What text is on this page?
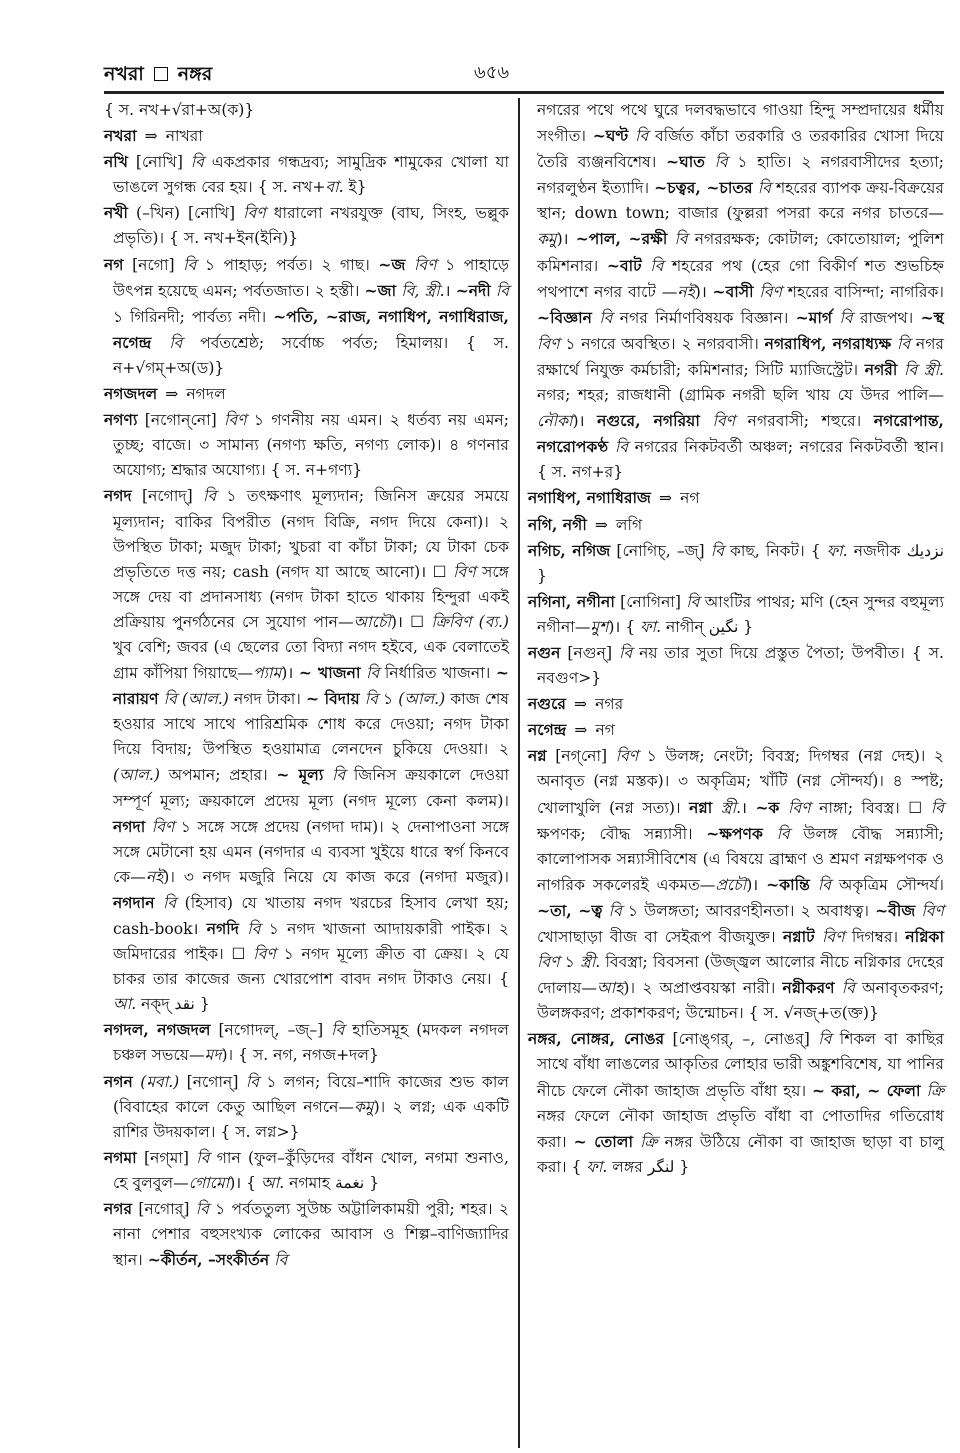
নখরা নঙ্গর	৬৫৬

{ স. নখ+√রা+অ(ক)}

নখরা ⇒ নাখরা

নখি [নোখি] বি একপ্রকার গন্ধদ্রব্য; সামুদ্রিক শামুকের খোলা যা ভাঙলে সুগন্ধ বের হয়। { স. নখ+বা. ই}

নখী (–খিন) [নোখি] বিণ ধারালো নখরযুক্ত (বাঘ, সিংহ, ভল্লুক প্রভৃতি)। { স. নখ+ইন(ইনি)}

নগ [নগো] বি ১ পাহাড়; পর্বত। ২ গাছ। ~জ বিণ ১ পাহাড়ে উৎপন্ন হয়েছে এমন; পর্বতজাত। ২ হস্তী। ~জা বি, স্ত্রী.। ~নদী বি ১ গিরিনদী; পার্বত্য নদী। ~পতি, ~রাজ, নগাধিপ, নগাধিরাজ, নগেন্দ্র বি পর্বতশ্রেষ্ঠ; সর্বোচ্চ পর্বত; হিমালয়। { স. ন+√গম্+অ(ড)}

নগজদল ⇒ নগদল

নগণ্য [নগোন্‌নো] বিণ ১ গণনীয় নয় এমন। ২ ধর্তব্য নয় এমন; তুচ্ছ; বাজে। ৩ সামান্য (নগণ্য ক্ষতি, নগণ্য লোক)। ৪ গণনার অযোগ্য; শ্রদ্ধার অযোগ্য। { স. ন+গণ্য}

নগদ [নগোদ্] বি ১ তৎক্ষণাৎ মূল্যদান; জিনিস ক্রয়ের সময়ে মূল্যদান; বাকির বিপরীত (নগদ বিক্রি, নগদ দিয়ে কেনা)। ২ উপস্থিত টাকা; মজুদ টাকা; খুচরা বা কাঁচা টাকা; যে টাকা চেক প্রভৃতিতে দত্ত নয়; cash (নগদ যা আছে আনো)। ☐ বিণ সঙ্গে সঙ্গে দেয় বা প্রদানসাধ্য (নগদ টাকা হাতে থাকায় হিন্দুরা একই প্রক্রিয়ায় পুনর্গঠনের সে সুযোগ পান—আচৌ)। ☐ ক্রিবিণ (ব্য.) খুব বেশি; জবর (এ ছেলের তো বিদ্যা নগদ হইবে, এক বেলাতেই গ্রাম কাঁপিয়া গিয়াছে—প্যাম)। ~ খাজনা বি নির্ধারিত খাজনা। ~ নারায়ণ বি (আল.) নগদ টাকা। ~ বিদায় বি ১ (আল.) কাজ শেষ হওয়ার সাথে সাথে পারিশ্রমিক শোধ করে দেওয়া; নগদ টাকা দিয়ে বিদায়; উপস্থিত হওয়ামাত্র লেনদেন চুকিয়ে দেওয়া। ২ (আল.) অপমান; প্রহার। ~ মূল্য বি জিনিস ক্রয়কালে দেওয়া সম্পূর্ণ মূল্য; ক্রয়কালে প্রদেয় মূল্য (নগদ মূল্যে কেনা কলম)। নগদা বিণ ১ সঙ্গে সঙ্গে প্রদেয় (নগদা দাম)। ২ দেনাপাওনা সঙ্গে সঙ্গে মেটানো হয় এমন (নগদার এ ব্যবসা খুইয়ে ধারে স্বর্গ কিনবে কে—নই)। ৩ নগদ মজুরি নিয়ে যে কাজ করে (নগদা মজুর)। নগদান বি (হিসাব) যে খাতায় নগদ খরচের হিসাব লেখা হয়; cash-book। নগদি বি ১ নগদ খাজনা আদায়কারী পাইক। ২ জমিদারের পাইক। ☐ বিণ ১ নগদ মূল্যে ক্রীত বা ক্রেয়। ২ যে চাকর তার কাজের জন্য খোরপোশ বাবদ নগদ টাকাও নেয়। { আ. নক্‌দ্ نقد }

নগদল, নগজদল [নগোদল্, –জ্–] বি হাতিসমূহ (মদকল নগদল চঞ্চল সভয়ে—মদ)। { স. নগ, নগজ+দল}

নগন (মবা.) [নগোন্] বি ১ লগন; বিয়ে–শাদি কাজের শুভ কাল (বিবাহের কালে কেতু আছিল নগনে—কমু)। ২ লগ্ন; এক একটি রাশির উদয়কাল। { স. লগ্ন>}

নগমা [নগ্‌মা] বি গান (ফুল–কুঁড়িদের বাঁধন খোল, নগমা শুনাও, হে বুলবুল—গোমো)। { আ. নগমাহ نغمة }

নগর [নগোর্] বি ১ পর্বততুল্য সুউচ্চ অট্টালিকাময়ী পুরী; শহর। ২ নানা পেশার বহুসংখ্যক লোকের আবাস ও শিল্প–বাণিজ্যাদির স্থান। ~কীর্তন, –সংকীর্তন বি

নগরের পথে পথে ঘুরে দলবদ্ধভাবে গাওয়া হিন্দু সম্প্রদায়ের ধর্মীয় সংগীত। ~ঘণ্ট বি বর্জিত কাঁচা তরকারি ও তরকারির খোসা দিয়ে তৈরি ব্যঞ্জনবিশেষ। ~ঘাত বি ১ হাতি। ২ নগরবাসীদের হত্যা; নগরলুণ্ঠন ইত্যাদি। ~চত্বর, ~চাতর বি শহরের ব্যাপক ক্রয়-বিক্রয়ের স্থান; down town; বাজার (ফুল্লরা পসরা করে নগর চাতরে—কমু)। ~পাল, ~রক্ষী বি নগররক্ষক; কোটাল; কোতোয়াল; পুলিশ কমিশনার। ~বাট বি শহরের পথ (হের গো বিকীর্ণ শত শুভচিহ্ন পথপাশে নগর বাটে —নই)। ~বাসী বিণ শহরের বাসিন্দা; নাগরিক। ~বিজ্ঞান বি নগর নির্মাণবিষয়ক বিজ্ঞান। ~মার্গ বি রাজপথ। ~স্থ বিণ ১ নগরে অবস্থিত। ২ নগরবাসী। নগরাধিপ, নগরাধ্যক্ষ বি নগর রক্ষার্থে নিযুক্ত কর্মচারী; কমিশনার; সিটি ম্যাজিস্ট্রেট। নগরী বি স্ত্রী. নগর; শহর; রাজধানী (গ্রামিক নগরী ছলি খায় যে উদর পালি—নৌকা)। নগুরে, নগরিয়া বিণ নগরবাসী; শহুরে। নগরোপান্ত, নগরোপকণ্ঠ বি নগরের নিকটবর্তী অঞ্চল; নগরের নিকটবর্তী স্থান। { স. নগ+র}

নগাধিপ, নগাধিরাজ ⇒ নগ

নগি, নগী ⇒ লগি

নগিচ, নগিজ [নোগিচ্, –জ্] বি কাছ, নিকট। { ফা. নজদীক نزديك }

নগিনা, নগীনা [নোগিনা] বি আংটির পাথর; মণি (হেন সুন্দর বহুমূল্য নগীনা—মুশ)। { ফা. নাগীন্ نگين }

নগুন [নগুন্] বি নয় তার সুতা দিয়ে প্রস্তুত পৈতা; উপবীত। { স. নবগুণ>}

নগুরে ⇒ নগর

নগেন্দ্র ⇒ নগ

নগ্ন [নগ্‌নো] বিণ ১ উলঙ্গ; নেংটা; বিবস্ত্র; দিগম্বর (নগ্ন দেহ)। ২ অনাবৃত (নগ্ন মস্তক)। ৩ অকৃত্রিম; খাঁটি (নগ্ন সৌন্দর্য)। ৪ স্পষ্ট; খোলাখুলি (নগ্ন সত্য)। নগ্না স্ত্রী.। ~ক বিণ নাঙ্গা; বিবস্ত্র। ☐ বি ক্ষপণক; বৌদ্ধ সন্ন্যাসী। ~ক্ষপণক বি উলঙ্গ বৌদ্ধ সন্ন্যাসী; কালোপাসক সন্ন্যাসীবিশেষ (এ বিষয়ে ব্রাহ্মণ ও শ্রমণ নগ্নক্ষপণক ও নাগরিক সকলেরই একমত—প্রচৌ)। ~কান্তি বি অকৃত্রিম সৌন্দর্য। ~তা, ~ত্ব বি ১ উলঙ্গতা; আবরণহীনতা। ২ অবাধত্ব। ~বীজ বিণ খোসাছাড়া বীজ বা সেইরূপ বীজযুক্ত। নগ্নাট বিণ দিগম্বর। নগ্নিকা বিণ ১ স্ত্রী. বিবস্ত্রা; বিবসনা (উজ্জ্বল আলোর নীচে নগ্নিকার দেহের দোলায়—আহ)। ২ অপ্রাপ্তবয়স্কা নারী। নগ্নীকরণ বি অনাবৃতকরণ; উলঙ্গকরণ; প্রকাশকরণ; উন্মোচন। { স. √নজ্+ত(ক্ত)}

নঙ্গর, নোঙ্গর, নোঙর [নোঙ্‌গর্, –, নোঙর্] বি শিকল বা কাছির সাথে বাঁধা লাঙলের আকৃতির লোহার ভারী অঙ্কুশবিশেষ, যা পানির নীচে ফেলে নৌকা জাহাজ প্রভৃতি বাঁধা হয়। ~ করা, ~ ফেলা ক্রি নঙ্গর ফেলে নৌকা জাহাজ প্রভৃতি বাঁধা বা পোতাদির গতিরোধ করা। ~ তোলা ক্রি নঙ্গর উঠিয়ে নৌকা বা জাহাজ ছাড়া বা চালু করা। { ফা. লঙ্গর لنگر }
